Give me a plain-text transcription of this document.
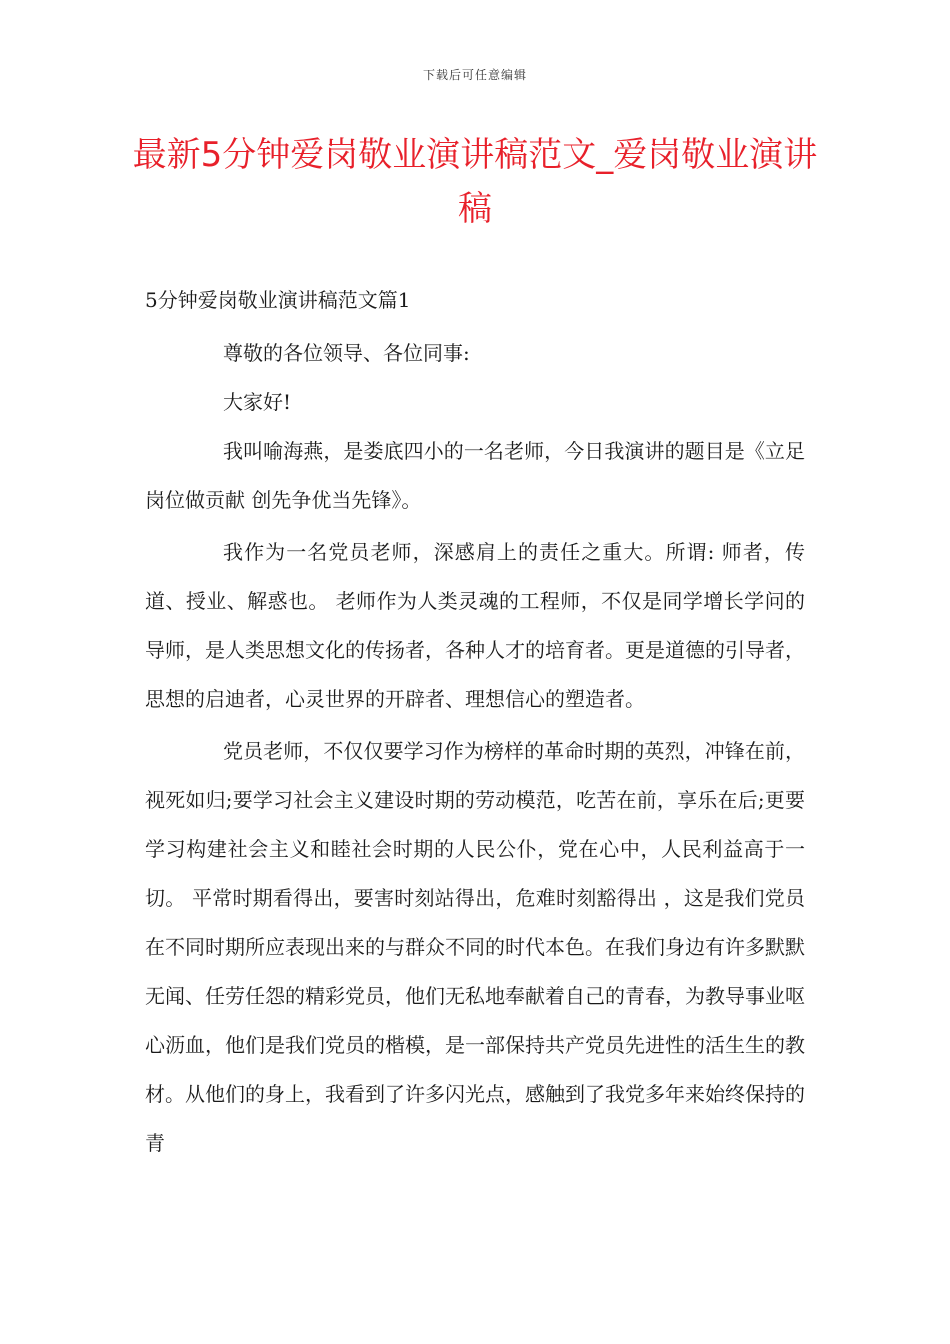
下载后可任意编辑
最新5分钟爱岗敬业演讲稿范文_爱岗敬业演讲稿

5分钟爱岗敬业演讲稿范文篇1

尊敬的各位领导、各位同事:

大家好!

我叫喻海燕，是娄底四小的一名老师，今日我演讲的题目是《立足岗位做贡献 创先争优当先锋》。

我作为一名党员老师，深感肩上的责任之重大。所谓: 师者，传道、授业、解惑也。 老师作为人类灵魂的工程师，不仅是同学增长学问的导师，是人类思想文化的传扬者，各种人才的培育者。更是道德的引导者，思想的启迪者，心灵世界的开辟者、理想信心的塑造者。

党员老师，不仅仅要学习作为榜样的革命时期的英烈，冲锋在前，视死如归;要学习社会主义建设时期的劳动模范，吃苦在前，享乐在后;更要学习构建社会主义和睦社会时期的人民公仆，党在心中，人民利益高于一切。 平常时期看得出，要害时刻站得出，危难时刻豁得出 ，这是我们党员在不同时期所应表现出来的与群众不同的时代本色。在我们身边有许多默默无闻、任劳任怨的精彩党员，他们无私地奉献着自己的青春，为教导事业呕心沥血，他们是我们党员的楷模，是一部保持共产党员先进性的活生生的教材。从他们的身上，我看到了许多闪光点，感触到了我党多年来始终保持的青
